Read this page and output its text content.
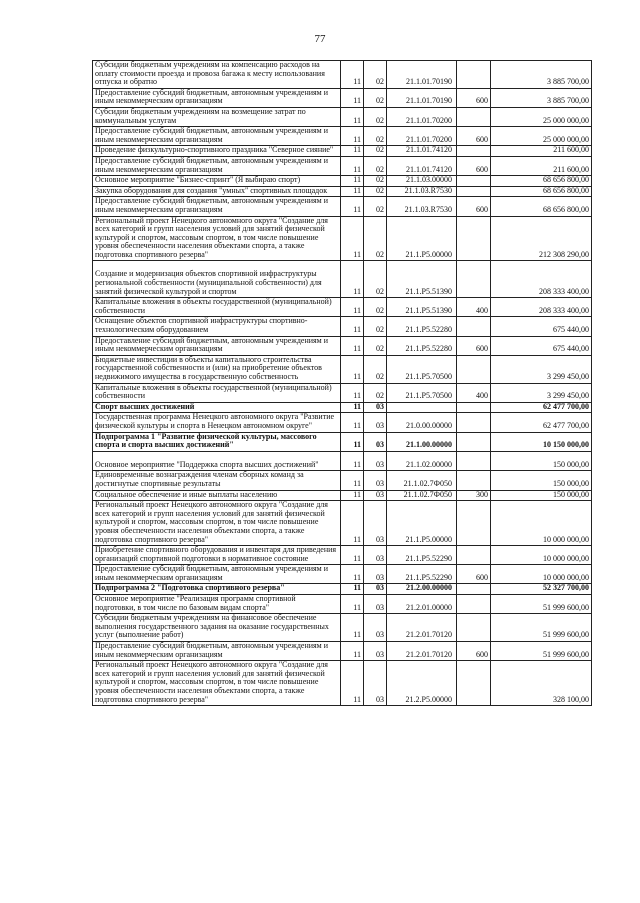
77
Субсидии бюджетным учреждениям на компенсацию расходов на оплату стоимости проезда и провоза багажа к месту использования отпуска и обратно	11	02	21.1.01.70190		3 885 700,00
Предоставление субсидий бюджетным, автономным учреждениям и иным некоммерческим организациям	11	02	21.1.01.70190	600	3 885 700,00
Субсидии бюджетным учреждениям на возмещение затрат по коммунальным услугам	11	02	21.1.01.70200		25 000 000,00
Предоставление субсидий бюджетным, автономным учреждениям и иным некоммерческим организациям	11	02	21.1.01.70200	600	25 000 000,00
Проведение физкультурно-спортивного праздника "Северное сияние"	11	02	21.1.01.74120		211 600,00
Предоставление субсидий бюджетным, автономным учреждениям и иным некоммерческим организациям	11	02	21.1.01.74120	600	211 600,00
Основное мероприятие "Бизнес-спринт" (Я выбираю спорт)	11	02	21.1.03.00000		68 656 800,00
Закупка оборудования для создания "умных" спортивных площадок	11	02	21.1.03.R7530		68 656 800,00
Предоставление субсидий бюджетным, автономным учреждениям и иным некоммерческим организациям	11	02	21.1.03.R7530	600	68 656 800,00
Региональный проект Ненецкого автономного округа "Создание для всех категорий и групп населения условий для занятий физической культурой и спортом, массовым спортом, в том числе повышение уровня обеспеченности населения объектами спорта, а также подготовка спортивного резерва"	11	02	21.1.P5.00000		212 308 290,00
Создание и модернизация объектов спортивной инфраструктуры региональной собственности (муниципальной собственности) для занятий физической культурой и спортом	11	02	21.1.P5.51390		208 333 400,00
Капитальные вложения в объекты государственной (муниципальной) собственности	11	02	21.1.P5.51390	400	208 333 400,00
Оснащение объектов спортивной инфраструктуры спортивно-технологическим оборудованием	11	02	21.1.P5.52280		675 440,00
Предоставление субсидий бюджетным, автономным учреждениям и иным некоммерческим организациям	11	02	21.1.P5.52280	600	675 440,00
Бюджетные инвестиции в объекты капитального строительства государственной собственности и (или) на приобретение объектов недвижимого имущества в государственную собственность	11	02	21.1.P5.70500		3 299 450,00
Капитальные вложения в объекты государственной (муниципальной) собственности	11	02	21.1.P5.70500	400	3 299 450,00
Спорт высших достижений	11	03			62 477 700,00
Государственная программа Ненецкого автономного округа "Развитие физической культуры и спорта в Ненецком автономном округе"	11	03	21.0.00.00000		62 477 700,00
Подпрограмма 1 "Развитие физической культуры, массового спорта и спорта высших достижений"	11	03	21.1.00.00000		10 150 000,00
Основное мероприятие "Поддержка спорта высших достижений"	11	03	21.1.02.00000		150 000,00
Единовременные вознаграждения членам сборных команд за достигнутые спортивные результаты	11	03	21.1.02.7Ф050		150 000,00
Социальное обеспечение и иные выплаты населению	11	03	21.1.02.7Ф050	300	150 000,00
Региональный проект Ненецкого автономного округа "Создание для всех категорий и групп населения условий для занятий физической культурой и спортом, массовым спортом, в том числе повышение уровня обеспеченности населения объектами спорта, а также подготовка спортивного резерва"	11	03	21.1.P5.00000		10 000 000,00
Приобретение спортивного оборудования и инвентаря для приведения организаций спортивной подготовки в нормативное состояние	11	03	21.1.P5.52290		10 000 000,00
Предоставление субсидий бюджетным, автономным учреждениям и иным некоммерческим организациям	11	03	21.1.P5.52290	600	10 000 000,00
Подпрограмма 2 "Подготовка спортивного резерва"	11	03	21.2.00.00000		52 327 700,00
Основное мероприятие "Реализация программ спортивной подготовки, в том числе по базовым видам спорта"	11	03	21.2.01.00000		51 999 600,00
Субсидии бюджетным учреждениям на финансовое обеспечение выполнения государственного задания на оказание государственных услуг (выполнение работ)	11	03	21.2.01.70120		51 999 600,00
Предоставление субсидий бюджетным, автономным учреждениям и иным некоммерческим организациям	11	03	21.2.01.70120	600	51 999 600,00
Региональный проект Ненецкого автономного округа "Создание для всех категорий и групп населения условий для занятий физической культурой и спортом, массовым спортом, в том числе повышение уровня обеспеченности населения объектами спорта, а также подготовка спортивного резерва"	11	03	21.2.P5.00000		328 100,00
